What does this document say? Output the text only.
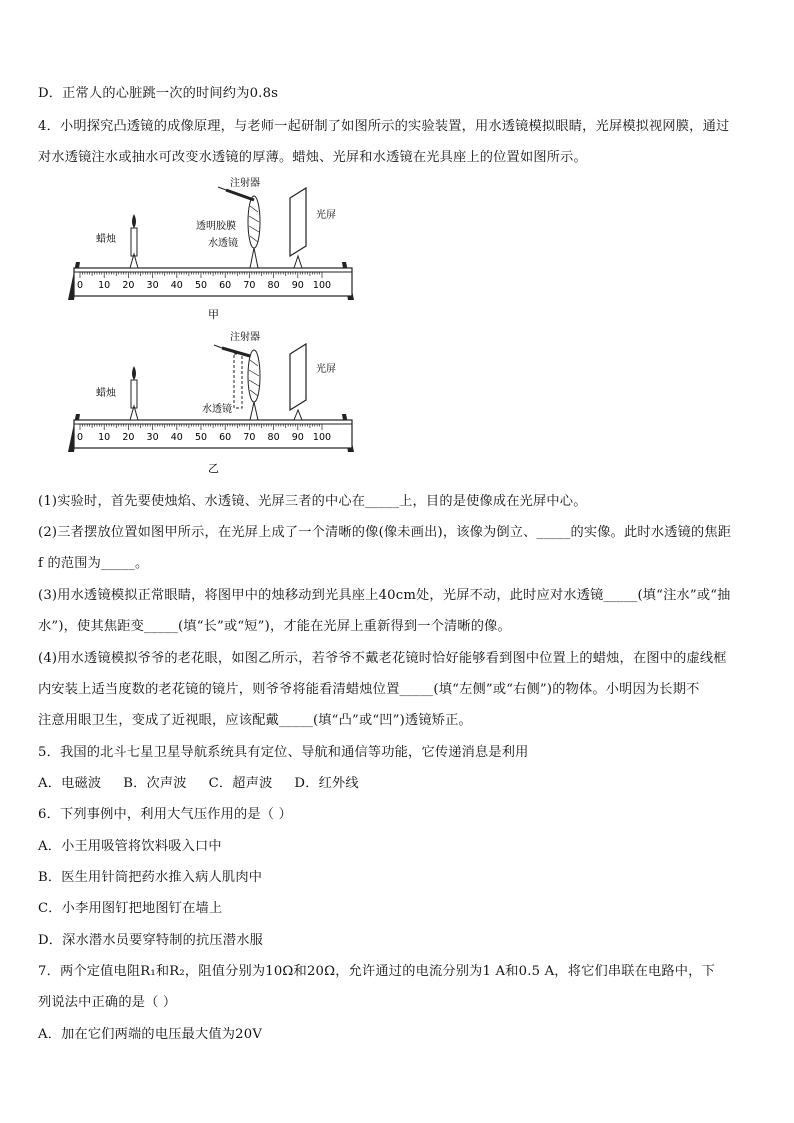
D．正常人的心脏跳一次的时间约为0.8s
4．小明探究凸透镜的成像原理，与老师一起研制了如图所示的实验装置，用水透镜模拟眼睛，光屏模拟视网膜，通过
对水透镜注水或抽水可改变水透镜的厚薄。蜡烛、光屏和水透镜在光具座上的位置如图所示。
0 10 20 30 40 50 60 70 80 90 100
蜡烛
注射器
透明胶膜
水透镜
光屏
甲
0 10 20 30 40 50 60 70 80 90 100
蜡烛
注射器
水透镜
光屏
乙
(1)实验时，首先要使烛焰、水透镜、光屏三者的中心在_____上，目的是使像成在光屏中心。
(2)三者摆放位置如图甲所示，在光屏上成了一个清晰的像(像未画出)，该像为倒立、_____的实像。此时水透镜的焦距
f 的范围为_____。
(3)用水透镜模拟正常眼睛，将图甲中的烛移动到光具座上40cm处，光屏不动，此时应对水透镜_____(填“注水”或“抽
水”)，使其焦距变_____(填“长”或“短”)，才能在光屏上重新得到一个清晰的像。
(4)用水透镜模拟爷爷的老花眼，如图乙所示，若爷爷不戴老花镜时恰好能够看到图中位置上的蜡烛，在图中的虚线框
内安装上适当度数的老花镜的镜片，则爷爷将能看清蜡烛位置_____(填“左侧”或“右侧”)的物体。小明因为长期不
注意用眼卫生，变成了近视眼，应该配戴_____(填“凸”或“凹”)透镜矫正。
5．我国的北斗七星卫星导航系统具有定位、导航和通信等功能，它传递消息是利用
A．电磁波     B．次声波     C．超声波     D．红外线
6．下列事例中，利用大气压作用的是（ ）
A．小王用吸管将饮料吸入口中
B．医生用针筒把药水推入病人肌肉中
C．小李用图钉把地图钉在墙上
D．深水潜水员要穿特制的抗压潜水服
7．两个定值电阻R₁和R₂，阻值分别为10Ω和20Ω，允许通过的电流分别为1 A和0.5 A，将它们串联在电路中，下
列说法中正确的是（ ）
A．加在它们两端的电压最大值为20V
